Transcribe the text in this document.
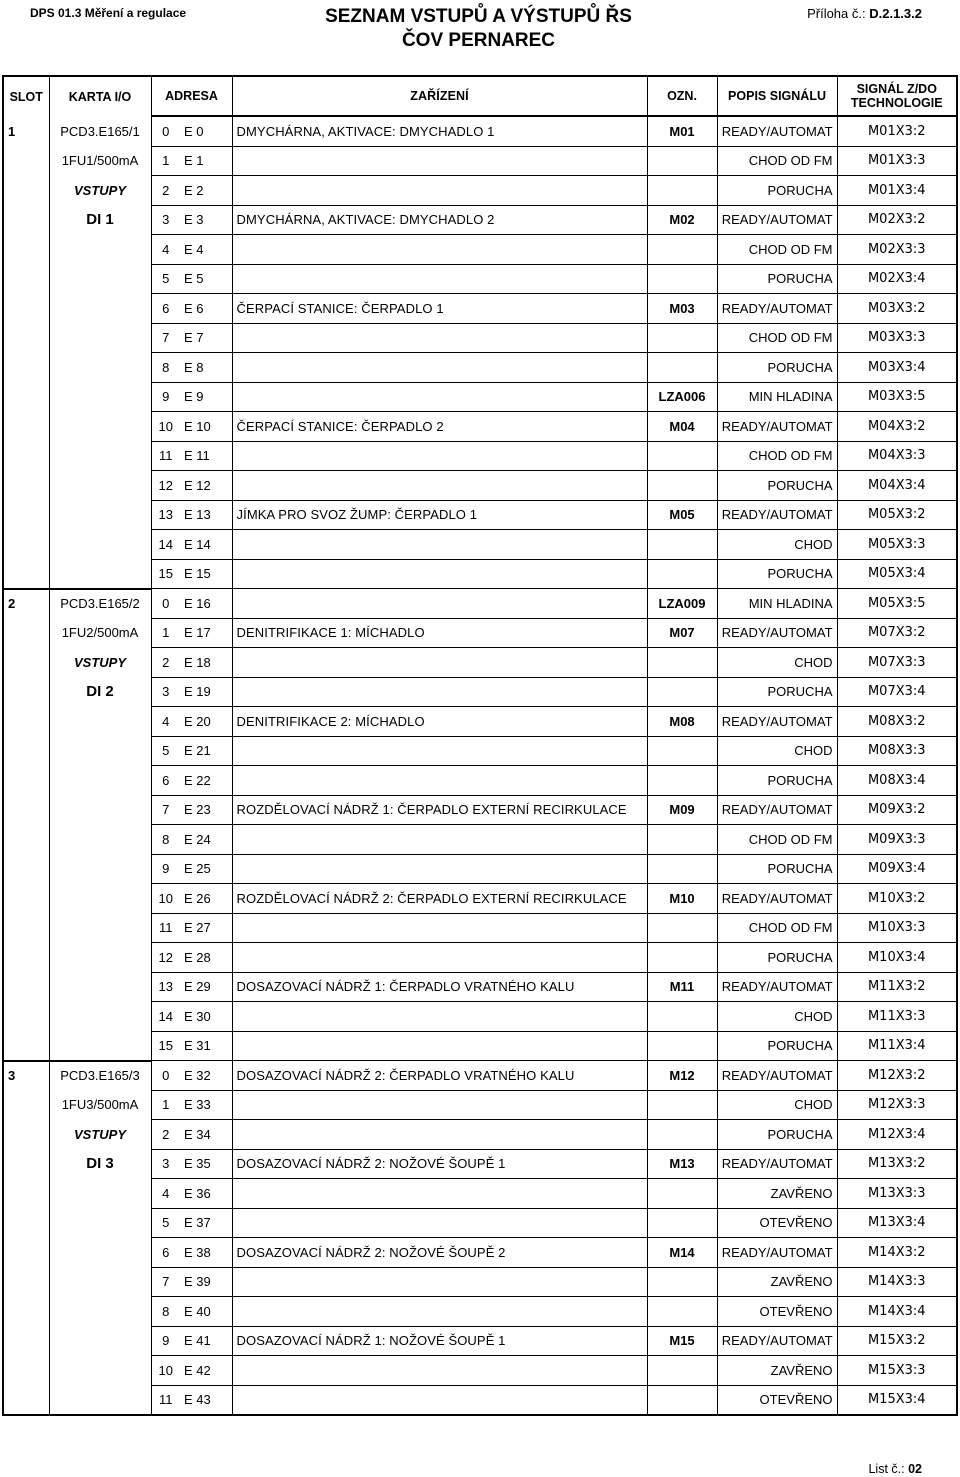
DPS 01.3 Měření a regulace	SEZNAM VSTUPŮ A VÝSTUPŮ ŘS
ČOV PERNAREC
Příloha č.: D.2.1.3.2
SLOT	KARTA I/O	ADRESA		ZAŘÍZENÍ	OZN.	POPIS SIGNÁLU	SIGNÁL Z/DO
TECHNOLOGIE

1	PCD3.E165/1	0	E 0	DMYCHÁRNA, AKTIVACE: DMYCHADLO 1	M01	READY/AUTOMAT	M01X3:2
	1FU1/500mA	1	E 1			CHOD OD FM	M01X3:3
	VSTUPY	2	E 2			PORUCHA	M01X3:4
	DI 1	3	E 3	DMYCHÁRNA, AKTIVACE: DMYCHADLO 2	M02	READY/AUTOMAT	M02X3:2
		4	E 4			CHOD OD FM	M02X3:3
		5	E 5			PORUCHA	M02X3:4
		6	E 6	ČERPACÍ STANICE: ČERPADLO 1	M03	READY/AUTOMAT	M03X3:2
		7	E 7			CHOD OD FM	M03X3:3
		8	E 8			PORUCHA	M03X3:4
		9	E 9		LZA006	MIN HLADINA	M03X3:5
		10	E 10	ČERPACÍ STANICE: ČERPADLO 2	M04	READY/AUTOMAT	M04X3:2
		11	E 11			CHOD OD FM	M04X3:3
		12	E 12			PORUCHA	M04X3:4
		13	E 13	JÍMKA PRO SVOZ ŽUMP: ČERPADLO 1	M05	READY/AUTOMAT	M05X3:2
		14	E 14			CHOD	M05X3:3
		15	E 15			PORUCHA	M05X3:4
2	PCD3.E165/2	0	E 16		LZA009	MIN HLADINA	M05X3:5
	1FU2/500mA	1	E 17	DENITRIFIKACE 1: MÍCHADLO	M07	READY/AUTOMAT	M07X3:2
	VSTUPY	2	E 18			CHOD	M07X3:3
	DI 2	3	E 19			PORUCHA	M07X3:4
		4	E 20	DENITRIFIKACE 2: MÍCHADLO	M08	READY/AUTOMAT	M08X3:2
		5	E 21			CHOD	M08X3:3
		6	E 22			PORUCHA	M08X3:4
		7	E 23	ROZDĚLOVACÍ NÁDRŽ 1: ČERPADLO EXTERNÍ RECIRKULACE	M09	READY/AUTOMAT	M09X3:2
		8	E 24			CHOD OD FM	M09X3:3
		9	E 25			PORUCHA	M09X3:4
		10	E 26	ROZDĚLOVACÍ NÁDRŽ 2: ČERPADLO EXTERNÍ RECIRKULACE	M10	READY/AUTOMAT	M10X3:2
		11	E 27			CHOD OD FM	M10X3:3
		12	E 28			PORUCHA	M10X3:4
		13	E 29	DOSAZOVACÍ NÁDRŽ 1: ČERPADLO VRATNÉHO KALU	M11	READY/AUTOMAT	M11X3:2
		14	E 30			CHOD	M11X3:3
		15	E 31			PORUCHA	M11X3:4
3	PCD3.E165/3	0	E 32	DOSAZOVACÍ NÁDRŽ 2: ČERPADLO VRATNÉHO KALU	M12	READY/AUTOMAT	M12X3:2
	1FU3/500mA	1	E 33			CHOD	M12X3:3
	VSTUPY	2	E 34			PORUCHA	M12X3:4
	DI 3	3	E 35	DOSAZOVACÍ NÁDRŽ 2: NOŽOVÉ ŠOUPĚ 1	M13	READY/AUTOMAT	M13X3:2
		4	E 36			ZAVŘENO	M13X3:3
		5	E 37			OTEVŘENO	M13X3:4
		6	E 38	DOSAZOVACÍ NÁDRŽ 2: NOŽOVÉ ŠOUPĚ 2	M14	READY/AUTOMAT	M14X3:2
		7	E 39			ZAVŘENO	M14X3:3
		8	E 40			OTEVŘENO	M14X3:4
		9	E 41	DOSAZOVACÍ NÁDRŽ 1: NOŽOVÉ ŠOUPĚ 1	M15	READY/AUTOMAT	M15X3:2
		10	E 42			ZAVŘENO	M15X3:3
		11	E 43			OTEVŘENO	M15X3:4
List č.: 02
